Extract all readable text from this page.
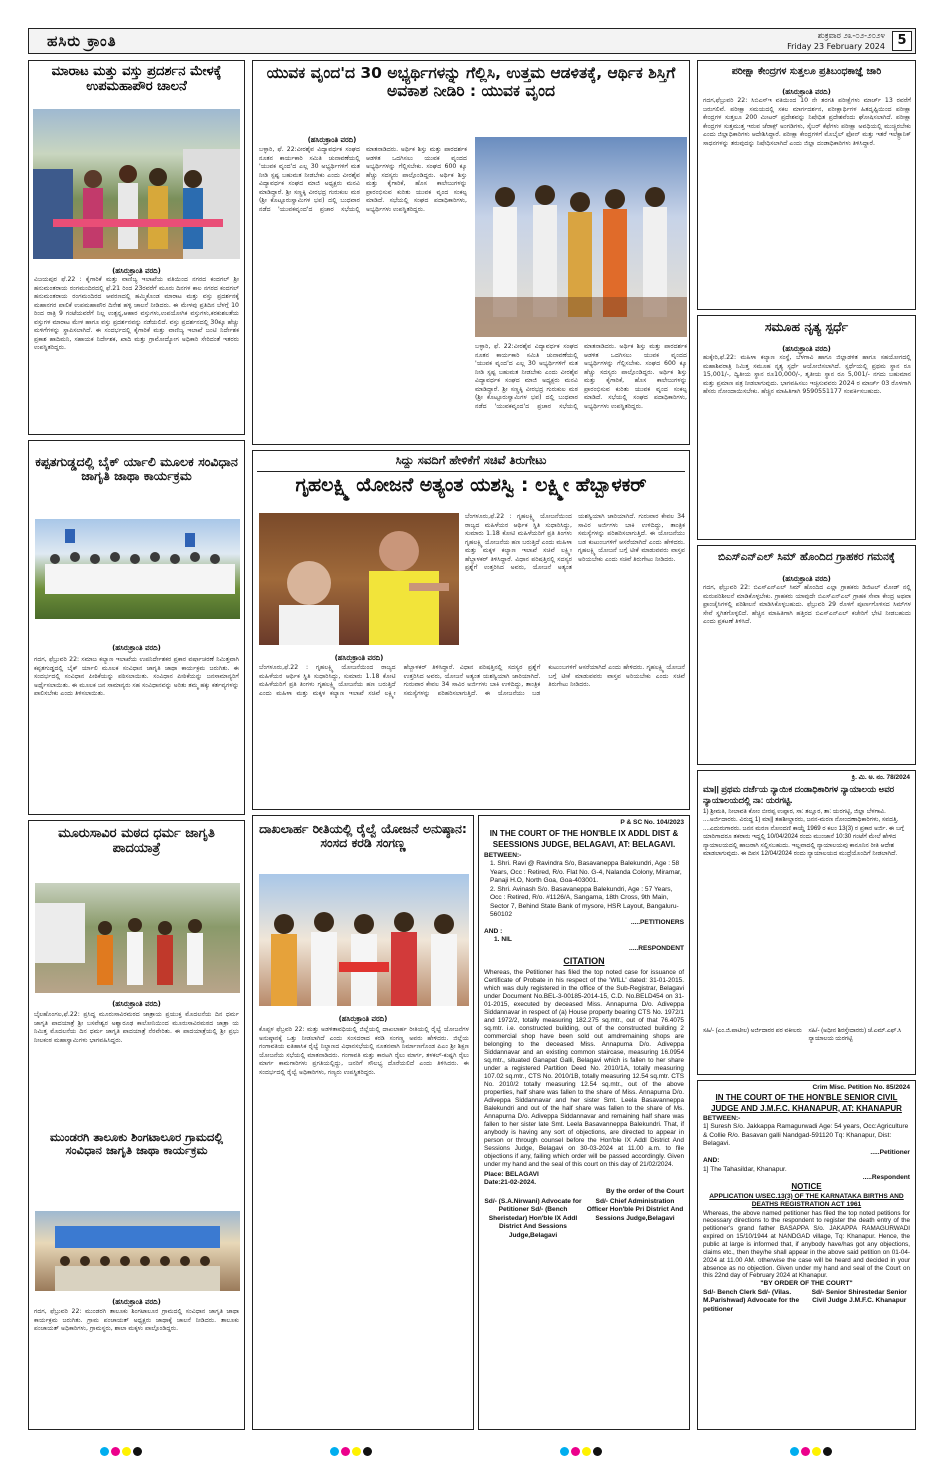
ಹಸಿರು ಕ್ರಾಂತಿ	ಶುಕ್ರವಾರ ೨೩-೦೨-೨೦೨೪
Friday 23 February 2024 5
ಮಾರಾಟ ಮತ್ತು ವಸ್ತು ಪ್ರದರ್ಶನ ಮೇಳಕ್ಕೆ ಉಪಮಹಾಪೌರ ಚಾಲನೆ
(ಹಸಿರುಕ್ರಾಂತಿ ವರದಿ)
ವಿಜಯಪುರ ಫೆ.22 : ಕೈಗಾರಿಕೆ ಮತ್ತು ವಾಣಿಜ್ಯ ಇಲಾಖೆಯ ವತಿಯಿಂದ ನಗರದ ಕಂದಗಲ್ ಶ್ರೀ ಹನುಮಂತರಾಯ ರಂಗಮಂದಿರದಲ್ಲಿ ಫೆ.21 ರಿಂದ 23ರವರೆಗೆ ಮೂರು ದಿನಗಳ ಕಾಲ ನಗರದ ಕಂದಗಲ್ ಹನುಮಂತರಾಯ ರಂಗಮಂದಿರದ ಆವರಣದಲ್ಲಿ ಹಮ್ಮಿಕೊಂಡ ಮಾರಾಟ ಮತ್ತು ವಸ್ತು ಪ್ರದರ್ಶನಕ್ಕೆ ಮಹಾನಗರ ಪಾಲಿಕೆ ಉಪಮಹಾಪೌರ ದಿನೇಶ ಹಳ್ಳಿ ಚಾಲನೆ ನೀಡಿದರು. ಈ ಮೇಳವು ಪ್ರತಿದಿನ ಬೆಳಗ್ಗೆ 10 ರಿಂದ ರಾತ್ರಿ 9 ಗಂಟೆಯವರೆಗೆ ನಿಲ್ಲ ಉತ್ಪನ್ನ,ಆಹಾರ ವಸ್ತುಗಳು,ಉಪಯೋಗಿಕ ವಸ್ತುಗಳು,ಕರಕುಶಲತೆಯ ವಸ್ತುಗಳ ಮಾರಾಟ ಮೇಳ ಹಾಗೂ ವಸ್ತು ಪ್ರದರ್ಶನವನ್ನು ನಡೆಯಲಿದೆ. ವಸ್ತು ಪ್ರದರ್ಶನದಲ್ಲಿ 30ಕ್ಕೂ ಹೆಚ್ಚು ಮಳಿಗೆಗಳನ್ನು ಸ್ಥಾಪಿಸಲಾಗಿದೆ. ಈ ಸಂದರ್ಭದಲ್ಲಿ ಕೈಗಾರಿಕೆ ಮತ್ತು ವಾಣಿಜ್ಯ ಇಲಾಖೆ ಜಂಟಿ ನಿರ್ದೇಶಕ ಪ್ರಕಾಶ ಹಾದಿಮನಿ, ಸಹಾಯಕ ನಿರ್ದೇಶಕ, ಖಾದಿ ಮತ್ತು ಗ್ರಾಮೋದ್ಯೋಗ ಅಧಿಕಾರಿ ಸೇರಿದಂತೆ ಇತರರು ಉಪಸ್ಥಿತರಿದ್ದರು.
ಕಪ್ಪತಗುಡ್ಡದಲ್ಲಿ ಬೈಕ್ ರ್ಯಾಲಿ ಮೂಲಕ ಸಂವಿಧಾನ ಜಾಗೃತಿ ಜಾಥಾ ಕಾರ್ಯಕ್ರಮ
(ಹಸಿರುಕ್ರಾಂತಿ ವರದಿ)
ಗದಗ, ಫೆಬ್ರುವರಿ 22: ಸಮಾಜ ಕಲ್ಯಾಣ ಇಲಾಖೆಯ ಉಪನಿರ್ದೇಶಕರ ಪ್ರಕಾರ ವರ್ಷಾಚರಣೆ ನಿಮಿತ್ತವಾಗಿ ಕಪ್ಪತಗುಡ್ಡದಲ್ಲಿ ಬೈಕ್ ರ್ಯಾಲಿ ಮೂಲಕ ಸಂವಿಧಾನ ಜಾಗೃತಿ ಜಾಥಾ ಕಾರ್ಯಕ್ರಮ ಜರುಗಿತು. ಈ ಸಂದರ್ಭದಲ್ಲಿ ಸಂವಿಧಾನ ಪೀಠಿಕೆಯನ್ನು ಪಠಿಸಲಾಯಿತು. ಸಂವಿಧಾನ ಪೀಠಿಕೆಯನ್ನು ಜನಸಾಮಾನ್ಯರಿಗೆ ಅರ್ಥೈಸಲಾಯಿತು. ಈ ಮೂಲಕ ಜನ ಸಾಮಾನ್ಯರು ಸಹ ಸಂವಿಧಾನವನ್ನು ಅರಿತು ತಮ್ಮ ಹಕ್ಕು ಕರ್ತವ್ಯಗಳನ್ನು ಪಾಲಿಸಬೇಕು ಎಂದು ತಿಳಿಸಲಾಯಿತು.
ಮೂರುಸಾವಿರ ಮಠದ ಧರ್ಮ ಜಾಗೃತಿ ಪಾದಯಾತ್ರೆ
(ಹಸಿರುಕ್ರಾಂತಿ ವರದಿ)
ಬೈಲಹೊಂಗಲ,ಫೆ.22: ಪ್ರಸಿದ್ಧ ಮೂರುಸಾವಿರಮಠದ ಜಾತ್ರಾಯ ಪ್ರಯುಕ್ತ ಮೊದಲನೆಯ ದಿನ ಧರ್ಮ ಜಾಗೃತಿ ಪಾದಯಾತ್ರೆ ಶ್ರೀ ಬಸವೇಶ್ವರ ಅಶ್ವಾರೂಢ ಕಾಲೋನಿಯಿಂದ ಮೂರುಸಾವಿರಮಠದ ಜಾತ್ರಾ ಯ ನಿಮಿತ್ತ ಮೊದಲನೆಯ ದಿನ ಧರ್ಮ ಜಾಗೃತಿ ಪಾದಯಾತ್ರೆ ನೆರವೇರಿತು. ಈ ಪಾದಯಾತ್ರೆಯಲ್ಲಿ ಶ್ರೀ ಪ್ರಭು ನೀಲಕಂಠ ಮಹಾಸ್ವಾಮಿಗಳು ಭಾಗವಹಿಸಿದ್ದರು.
ಮುಂಡರಗಿ ತಾಲೂಕು ಶಿಂಗಟಾಲೂರ ಗ್ರಾಮದಲ್ಲಿ ಸಂವಿಧಾನ ಜಾಗೃತಿ ಜಾಥಾ ಕಾರ್ಯಕ್ರಮ
(ಹಸಿರುಕ್ರಾಂತಿ ವರದಿ)
ಗದಗ, ಫೆಬ್ರುವರಿ 22: ಮುಂಡರಗಿ ತಾಲೂಕು ಶಿಂಗಟಾಲೂರ ಗ್ರಾಮದಲ್ಲಿ ಸಂವಿಧಾನ ಜಾಗೃತಿ ಜಾಥಾ ಕಾರ್ಯಕ್ರಮ ಜರುಗಿತು. ಗ್ರಾಮ ಪಂಚಾಯತ್ ಅಧ್ಯಕ್ಷರು ಜಾಥಾಕ್ಕೆ ಚಾಲನೆ ನೀಡಿದರು. ತಾಲೂಕು ಪಂಚಾಯತ್ ಅಧಿಕಾರಿಗಳು, ಗ್ರಾಮಸ್ಥರು, ಶಾಲಾ ಮಕ್ಕಳು ಪಾಲ್ಗೊಂಡಿದ್ದರು.
ಯುವಕ ವೃಂದ'ದ 30 ಅಭ್ಯರ್ಥಿಗಳನ್ನು ಗೆಲ್ಲಿಸಿ, ಉತ್ತಮ ಆಡಳಿತಕ್ಕೆ, ಆರ್ಥಿಕ ಶಿಸ್ತಿಗೆ ಅವಕಾಶ ನೀಡಿರಿ : ಯುವಕ ವೃಂದ
(ಹಸಿರುಕ್ರಾಂತಿ ವರದಿ)
ಬಳ್ಳಾರಿ, ಫೆ. 22:ವೀರಶೈವ ವಿದ್ಯಾವರ್ಧಕ ಸಂಘದ ನೂತನ ಕಾರ್ಯಕಾರಿ ಸಮಿತಿ ಚುನಾವಣೆಯಲ್ಲಿ 'ಯುವಕ ವೃಂದ'ದ ಎಲ್ಲ 30 ಅಭ್ಯರ್ಥಿಗಳಿಗೆ ಮತ ನೀಡಿ ಸ್ಪಷ್ಟ ಬಹುಮತ ನೀಡಬೇಕು ಎಂದು ವೀರಶೈವ ವಿದ್ಯಾವರ್ಧಕ ಸಂಘದ ಮಾಜಿ ಅಧ್ಯಕ್ಷರು ಮನವಿ ಮಾಡಿದ್ದಾರೆ. ಶ್ರೀ ಸಣ್ಣಕ್ಕಿ ವೀರಭದ್ರ ಗುರುಕುಲ ಮಠ (ಶ್ರೀ ಕೊಟ್ಟೂರುಸ್ವಾಮಿಗಳ ಭವ) ದಲ್ಲಿ ಬುಧವಾರ ನಡೆದ 'ಯುವಕವೃಂದ'ದ ಪ್ರಚಾರ ಸಭೆಯಲ್ಲಿ ಮಾತನಾಡಿದರು. ಅರ್ಥಿಕ ಶಿಸ್ತು ಮತ್ತು ಪಾರದರ್ಶಕ ಆಡಳಿತ ಒದಗಿಸಲು ಯುವಕ ವೃಂದದ ಅಭ್ಯರ್ಥಿಗಳನ್ನು ಗೆಲ್ಲಿಸಬೇಕು. ಸಂಘದ 600 ಕ್ಕೂ ಹೆಚ್ಚು ಸದಸ್ಯರು ಪಾಲ್ಗೊಂಡಿದ್ದರು. ಅರ್ಥಿಕ ಶಿಸ್ತು ಮತ್ತು ಕೈಗಾರಿಕೆ, ಹೊಸ ಕಾಲೇಜುಗಳನ್ನು ಪ್ರಾರಂಭಿಸುವ ಕುರಿತು ಯುವಕ ವೃಂದ ಸಂಕಲ್ಪ ಮಾಡಿದೆ. ಸಭೆಯಲ್ಲಿ ಸಂಘದ ಪದಾಧಿಕಾರಿಗಳು, ಅಭ್ಯರ್ಥಿಗಳು ಉಪಸ್ಥಿತರಿದ್ದರು.
ಬಳ್ಳಾರಿ, ಫೆ. 22:ವೀರಶೈವ ವಿದ್ಯಾವರ್ಧಕ ಸಂಘದ ನೂತನ ಕಾರ್ಯಕಾರಿ ಸಮಿತಿ ಚುನಾವಣೆಯಲ್ಲಿ 'ಯುವಕ ವೃಂದ'ದ ಎಲ್ಲ 30 ಅಭ್ಯರ್ಥಿಗಳಿಗೆ ಮತ ನೀಡಿ ಸ್ಪಷ್ಟ ಬಹುಮತ ನೀಡಬೇಕು ಎಂದು ವೀರಶೈವ ವಿದ್ಯಾವರ್ಧಕ ಸಂಘದ ಮಾಜಿ ಅಧ್ಯಕ್ಷರು ಮನವಿ ಮಾಡಿದ್ದಾರೆ. ಶ್ರೀ ಸಣ್ಣಕ್ಕಿ ವೀರಭದ್ರ ಗುರುಕುಲ ಮಠ (ಶ್ರೀ ಕೊಟ್ಟೂರುಸ್ವಾಮಿಗಳ ಭವ) ದಲ್ಲಿ ಬುಧವಾರ ನಡೆದ 'ಯುವಕವೃಂದ'ದ ಪ್ರಚಾರ ಸಭೆಯಲ್ಲಿ ಮಾತನಾಡಿದರು. ಅರ್ಥಿಕ ಶಿಸ್ತು ಮತ್ತು ಪಾರದರ್ಶಕ ಆಡಳಿತ ಒದಗಿಸಲು ಯುವಕ ವೃಂದದ ಅಭ್ಯರ್ಥಿಗಳನ್ನು ಗೆಲ್ಲಿಸಬೇಕು. ಸಂಘದ 600 ಕ್ಕೂ ಹೆಚ್ಚು ಸದಸ್ಯರು ಪಾಲ್ಗೊಂಡಿದ್ದರು. ಅರ್ಥಿಕ ಶಿಸ್ತು ಮತ್ತು ಕೈಗಾರಿಕೆ, ಹೊಸ ಕಾಲೇಜುಗಳನ್ನು ಪ್ರಾರಂಭಿಸುವ ಕುರಿತು ಯುವಕ ವೃಂದ ಸಂಕಲ್ಪ ಮಾಡಿದೆ. ಸಭೆಯಲ್ಲಿ ಸಂಘದ ಪದಾಧಿಕಾರಿಗಳು, ಅಭ್ಯರ್ಥಿಗಳು ಉಪಸ್ಥಿತರಿದ್ದರು.
ಸಿದ್ದು ಸವದಿಗೆ ಹೇಳಿಕೆಗೆ ಸಚಿವೆ ತಿರುಗೇಟು
ಗೃಹಲಕ್ಷ್ಮಿ ಯೋಜನೆ ಅತ್ಯಂತ ಯಶಸ್ವಿ : ಲಕ್ಷ್ಮೀ ಹೆಬ್ಬಾಳಕರ್
(ಹಸಿರುಕ್ರಾಂತಿ ವರದಿ)
ಬೆಂಗಳೂರು,ಫೆ.22 : ಗೃಹಲಕ್ಷ್ಮಿ ಯೋಜನೆಯಿಂದ ರಾಜ್ಯದ ಮಹಿಳೆಯರ ಆರ್ಥಿಕ ಸ್ಥಿತಿ ಸುಧಾರಿಸಿದ್ದು, ಸುಮಾರು 1.18 ಕೋಟಿ ಮಹಿಳೆಯರಿಗೆ ಪ್ರತಿ ತಿಂಗಳು ಗೃಹಲಕ್ಷ್ಮಿ ಯೋಜನೆಯ ಹಣ ಬರುತ್ತಿದೆ ಎಂದು ಮಹಿಳಾ ಮತ್ತು ಮಕ್ಕಳ ಕಲ್ಯಾಣ ಇಲಾಖೆ ಸಚಿವೆ ಲಕ್ಷ್ಮೀ ಹೆಬ್ಬಾಳಕರ್ ತಿಳಿಸಿದ್ದಾರೆ. ವಿಧಾನ ಪರಿಷತ್ತಿನಲ್ಲಿ ಸದಸ್ಯರ ಪ್ರಶ್ನೆಗೆ ಉತ್ತರಿಸಿದ ಅವರು, ಯೋಜನೆ ಅತ್ಯಂತ ಯಶಸ್ವಿಯಾಗಿ ಜಾರಿಯಾಗಿದೆ. ಗುರುವಾರ ಕೇವಲ 34 ಸಾವಿರ ಅರ್ಜಿಗಳು ಬಾಕಿ ಉಳಿದಿದ್ದು, ತಾಂತ್ರಿಕ ಸಮಸ್ಯೆಗಳನ್ನು ಪರಿಹರಿಸಲಾಗುತ್ತಿದೆ. ಈ ಯೋಜನೆಯು ಬಡ ಕುಟುಂಬಗಳಿಗೆ ಆಸರೆಯಾಗಿದೆ ಎಂದು ಹೇಳಿದರು. ಗೃಹಲಕ್ಷ್ಮಿ ಯೋಜನೆ ಬಗ್ಗೆ ಟೀಕೆ ಮಾಡುವವರು ವಾಸ್ತವ ಅರಿಯಬೇಕು ಎಂದು ಸಚಿವೆ ತಿರುಗೇಟು ನೀಡಿದರು.
ಬೆಂಗಳೂರು,ಫೆ.22 : ಗೃಹಲಕ್ಷ್ಮಿ ಯೋಜನೆಯಿಂದ ರಾಜ್ಯದ ಮಹಿಳೆಯರ ಆರ್ಥಿಕ ಸ್ಥಿತಿ ಸುಧಾರಿಸಿದ್ದು, ಸುಮಾರು 1.18 ಕೋಟಿ ಮಹಿಳೆಯರಿಗೆ ಪ್ರತಿ ತಿಂಗಳು ಗೃಹಲಕ್ಷ್ಮಿ ಯೋಜನೆಯ ಹಣ ಬರುತ್ತಿದೆ ಎಂದು ಮಹಿಳಾ ಮತ್ತು ಮಕ್ಕಳ ಕಲ್ಯಾಣ ಇಲಾಖೆ ಸಚಿವೆ ಲಕ್ಷ್ಮೀ ಹೆಬ್ಬಾಳಕರ್ ತಿಳಿಸಿದ್ದಾರೆ. ವಿಧಾನ ಪರಿಷತ್ತಿನಲ್ಲಿ ಸದಸ್ಯರ ಪ್ರಶ್ನೆಗೆ ಉತ್ತರಿಸಿದ ಅವರು, ಯೋಜನೆ ಅತ್ಯಂತ ಯಶಸ್ವಿಯಾಗಿ ಜಾರಿಯಾಗಿದೆ. ಗುರುವಾರ ಕೇವಲ 34 ಸಾವಿರ ಅರ್ಜಿಗಳು ಬಾಕಿ ಉಳಿದಿದ್ದು, ತಾಂತ್ರಿಕ ಸಮಸ್ಯೆಗಳನ್ನು ಪರಿಹರಿಸಲಾಗುತ್ತಿದೆ. ಈ ಯೋಜನೆಯು ಬಡ ಕುಟುಂಬಗಳಿಗೆ ಆಸರೆಯಾಗಿದೆ ಎಂದು ಹೇಳಿದರು. ಗೃಹಲಕ್ಷ್ಮಿ ಯೋಜನೆ ಬಗ್ಗೆ ಟೀಕೆ ಮಾಡುವವರು ವಾಸ್ತವ ಅರಿಯಬೇಕು ಎಂದು ಸಚಿವೆ ತಿರುಗೇಟು ನೀಡಿದರು.
ದಾಖಲಾರ್ಹ ರೀತಿಯಲ್ಲಿ ರೈಲ್ವೆ ಯೋಜನೆ ಅನುಷ್ಠಾನ: ಸಂಸದ ಕರಡಿ ಸಂಗಣ್ಣ
(ಹಸಿರುಕ್ರಾಂತಿ ವರದಿ)
ಕೊಪ್ಪಳ ಫೆಬ್ರವರಿ 22: ಮತ್ತು ಅಡಳಿತಾವಧಿಯಲ್ಲಿ ಜಿಲ್ಲೆಯಲ್ಲಿ ದಾಖಲಾರ್ಹ ರೀತಿಯಲ್ಲಿ ರೈಲ್ವೆ ಯೋಜನೆಗಳ ಅನುಷ್ಠಾನಕ್ಕೆ ಒತ್ತು ನೀಡಲಾಗಿದೆ ಎಂದು ಸಂಸದರಾದ ಕರಡಿ ಸಂಗಣ್ಣ ಅವರು ಹೇಳಿದರು. ಜಿಲ್ಲೆಯ ಗಂಗಾವತಿಯ ಐತಿಹಾಸಿಕ ರೈಲ್ವೆ ನಿಲ್ದಾಣದ ವಿಧಾನಸಭೆಯಲ್ಲಿ ನೂತನವಾಗಿ ನಿರ್ಮಾಣಗೊಂಡ ಪಿಎಂ ಶ್ರೀ ಶಿಕ್ಷಣ ಯೋಜನೆಯ ಸಭೆಯಲ್ಲಿ ಮಾತನಾಡಿದರು. ಗಂಗಾವತಿ ಮತ್ತು ಕಾರಟಗಿ ರೈಲು ಮಾರ್ಗ, ತಳಕಲ್-ಕುಷ್ಟಗಿ ರೈಲು ಮಾರ್ಗ ಕಾಮಗಾರಿಗಳು ಪ್ರಗತಿಯಲ್ಲಿದ್ದು, ಜನರಿಗೆ ಸೌಲಭ್ಯ ದೊರೆಯಲಿದೆ ಎಂದು ತಿಳಿಸಿದರು. ಈ ಸಂದರ್ಭದಲ್ಲಿ ರೈಲ್ವೆ ಅಧಿಕಾರಿಗಳು, ಗಣ್ಯರು ಉಪಸ್ಥಿತರಿದ್ದರು.
P & SC No. 104/2023
IN THE COURT OF THE HON'BLE IX ADDL DIST & SEESSIONS JUDGE, BELAGAVI, AT: BELAGAVI.
BETWEEN:-
1. Shri. Ravi @ Ravindra S/o, Basavaneppa Balekundri, Age : 58 Years, Occ : Retired, R/o. Flat No. G-4, Nalanda Colony, Miramar, Panaji H.O, North Goa, Goa-403001.
2. Shri. Avinash S/o. Basavaneppa Balekundri, Age : 57 Years, Occ : Retired, R/o. #1126/A, Sangama, 18th Cross, 9th Main, Sector 7, Behind State Bank of mysore, HSR Layout, Bangaluru-560102
.....PETITIONERS
AND :
1. NIL
.....RESPONDENT
CITATION
Whereas, the Petitioner has filed the top noted case for issuance of Certificate of Probate in his respect of the 'WILL' dated: 31-01-2015. which was duly registered in the office of the Sub-Registrar, Belagavi under Document No.BEL-3-00185-2014-15, C.D. No.BELD454 on 31-01-2015, executed by deceased Miss. Annapurna D/o. Adiveppa Siddannavar in respect of (a) House property bearing CTS No. 1972/1 and 1972/2, totally measuring 182.275 sq.mtr., out of that 76.4075 sq.mtr. i.e. constructed building, out of the constructed building 2 commercial shop have been sold out amdremaining shops are belonging to the deceased Miss. Annapuma D/o. Adiveppa Siddannavar and an existing common staircase, measuring 16.0954 sq.mtr., situated Ganapat Galli, Belagavi which is fallen to her share under a registered Partition Deed No. 2010/1A, totally measuring 107.02 sq.mtr., CTS No. 2010/1B, totally measuring 12.54 sq.mtr. CTS No. 2010/2 totally measuring 12.54 sq.mtr., out of the above properties, half share was fallen to the share of Miss. Annapurna D/o. Adiveppa Siddannavar and her sister Smt. Leela Basavanneppa Balekundri and out of the half share was fallen to the share of Ms. Annapurna D/o. Adiveppa Siddannavar and remaining half share was fallen to her sister late Smt. Leela Basavanneppa Balekundri. That, if anybody is having any sort of objections, are directed to appear in person or through counsel before the Hon'ble IX Addl District And Sessions Judge, Belagavi on 30-03-2024 at 11.00 a.m. to file objections if any, failing which order will be passed accordingly. Given under my hand and the seal of this court on this day of 21/02/2024.
Place: BELAGAVI
Date:21-02-2024.
By the order of the Court
Sd/- (S.A.Nirwani) Advocate for Petitioner Sd/- (Bench Sheristedar) Hon'ble IX Addl District And Sessions Judge,Belagavi
Sd/- Chief Administration Officer Hon'ble Pri District And Sessions Judge,Belagavi
ಪರೀಕ್ಷಾ ಕೇಂದ್ರಗಳ ಸುತ್ತಲೂ ಪ್ರತಿಬಂಧಕಾಜ್ಞೆ ಜಾರಿ
(ಹಸಿರುಕ್ರಾಂತಿ ವರದಿ)
ಗದಗ,ಫೆಬ್ರುವರಿ 22: ಸಿಬಿಎಸ್‌ಇ ವತಿಯಿಂದ 10 ನೇ ತರಗತಿ ಪರೀಕ್ಷೆಗಳು ಮಾರ್ಚ್ 13 ರವರೆಗೆ ಜರುಗಲಿವೆ. ಪರೀಕ್ಷಾ ಸಮಯದಲ್ಲಿ ಸಕಲ ಮಾರ್ಗದರ್ಶನ, ಪರೀಕ್ಷಾರ್ಥಿಗಳ ಹಿತದೃಷ್ಟಿಯಿಂದ ಪರೀಕ್ಷಾ ಕೇಂದ್ರಗಳ ಸುತ್ತಲೂ 200 ಮೀಟರ್ ಪ್ರದೇಶವನ್ನು ನಿಷೇಧಿತ ಪ್ರದೇಶವೆಂದು ಘೋಷಿಸಲಾಗಿದೆ. ಪರೀಕ್ಷಾ ಕೇಂದ್ರಗಳ ಸುತ್ತಮುತ್ತ ಇರುವ ಜೆರಾಕ್ಸ್ ಅಂಗಡಿಗಳು, ಸೈಬರ್ ಕೆಫೆಗಳು ಪರೀಕ್ಷಾ ಅವಧಿಯಲ್ಲಿ ಮುಚ್ಚಿರಬೇಕು ಎಂದು ಜಿಲ್ಲಾಧಿಕಾರಿಗಳು ಆದೇಶಿಸಿದ್ದಾರೆ. ಪರೀಕ್ಷಾ ಕೇಂದ್ರಗಳಿಗೆ ಮೊಬೈಲ್ ಫೋನ್ ಮತ್ತು ಇತರೆ ಇಲೆಕ್ಟ್ರಾನಿಕ್ ಸಾಧನಗಳನ್ನು ತರುವುದನ್ನು ನಿಷೇಧಿಸಲಾಗಿದೆ ಎಂದು ಜಿಲ್ಲಾ ದಂಡಾಧಿಕಾರಿಗಳು ತಿಳಿಸಿದ್ದಾರೆ.
ಸಮೂಹ ನೃತ್ಯ ಸ್ಪರ್ಧೆ
(ಹಸಿರುಕ್ರಾಂತಿ ವರದಿ)
ಹುಕ್ಕೇರಿ,ಫೆ.22: ಮಹಿಳಾ ಕಲ್ಯಾಣ ಸಂಸ್ಥೆ, ಬೆಳಗಾವಿ ಹಾಗೂ ಜಿಲ್ಲಾಡಳಿತ ಹಾಗೂ ಸಹಯೋಗದಲ್ಲಿ ಮಹಾಶಿವರಾತ್ರಿ ನಿಮಿತ್ತ ಸಮೂಹ ನೃತ್ಯ ಸ್ಪರ್ಧೆ ಆಯೋಜಿಸಲಾಗಿದೆ. ಸ್ಪರ್ಧೆಯಲ್ಲಿ ಪ್ರಥಮ ಸ್ಥಾನ ರೂ 15,001/-, ದ್ವಿತೀಯ ಸ್ಥಾನ ರೂ10,000/-, ತೃತೀಯ ಸ್ಥಾನ ರೂ 5,001/- ನಗದು ಬಹುಮಾನ ಮತ್ತು ಪ್ರಮಾಣ ಪತ್ರ ನೀಡಲಾಗುವುದು. ಭಾಗವಹಿಸಲು ಇಚ್ಛಿಸುವವರು 2024 ರ ಮಾರ್ಚ್ 03 ರೊಳಗಾಗಿ ಹೆಸರು ನೋಂದಾಯಿಸಬೇಕು. ಹೆಚ್ಚಿನ ಮಾಹಿತಿಗಾಗಿ 9590551177 ಸಂಪರ್ಕಿಸಬಹುದು.
ಬಿಎಸ್‍ಎನ್‍ಎಲ್ ಸಿಮ್ ಹೊಂದಿದ ಗ್ರಾಹಕರ ಗಮನಕ್ಕೆ
(ಹಸಿರುಕ್ರಾಂತಿ ವರದಿ)
ಗದಗ, ಫೆಬ್ರುವರಿ 22: ಬಿಎಸ್‌ಎನ್‌ಎಲ್ ಸಿಮ್ ಹೊಂದಿದ ಎಲ್ಲಾ ಗ್ರಾಹಕರು ಡಿಜಿಟಲ್ ಮೋಡ್ ನಲ್ಲಿ ಮರುಪರಿಶೀಲನೆ ಮಾಡಿಕೊಳ್ಳಬೇಕು. ಗ್ರಾಹಕರು ಯಾವುದೇ ಬಿಎಸ್‌ಎನ್‌ಎಲ್ ಗ್ರಾಹಕ ಸೇವಾ ಕೇಂದ್ರ ಅಥವಾ ಫ್ರಾಂಚೈಸಿಗಳಲ್ಲಿ ಪರಿಶೀಲನೆ ಮಾಡಿಸಿಕೊಳ್ಳಬಹುದು. ಫೆಬ್ರುವರಿ 29 ರೊಳಗೆ ಪೂರ್ಣಗೊಳಿಸದ ಸಿಮ್‌ಗಳ ಸೇವೆ ಸ್ಥಗಿತಗೊಳ್ಳಲಿದೆ. ಹೆಚ್ಚಿನ ಮಾಹಿತಿಗಾಗಿ ಹತ್ತಿರದ ಬಿಎಸ್‌ಎನ್‌ಎಲ್ ಕಚೇರಿಗೆ ಭೇಟಿ ನೀಡಬಹುದು ಎಂದು ಪ್ರಕಟಣೆ ತಿಳಿಸಿದೆ.
ಕ್ರಿ. ಮಿ. ಅ. ನಂ. 78/2024
ಮಾ|| ಪ್ರಥಮ ದರ್ಜೆಯ ನ್ಯಾಯಿಕ ದಂಡಾಧಿಕಾರಿಗಳ ನ್ಯಾಯಾಲಯ ಅವರ ನ್ಯಾಯಾಲಯದಲ್ಲಿ ನಾ: ಯರಗಟ್ಟಿ.
1) ಶ್ರೀಮತಿ, ನೀಲಾವತಿ ಕೋಂ ಬೀರಪ್ಪ ಉಪ್ಪಾರ, ಸಾ: ತಲ್ಲೂರ, ತಾ: ಯರಗಟ್ಟಿ, ಜಿಲ್ಲಾ ಬೆಳಗಾವಿ. ....ಅರ್ಜಿದಾರರು. ವಿರುದ್ಧ 1) ಮಾ|| ತಹಶೀಲ್ದಾರರು, ಜನನ-ಮರಣ ನೋಂದಣಾಧಿಕಾರಿಗಳು, ಸವದತ್ತಿ. ....ಎದುರುಗಾರರು. ಜನನ ಮರಣ ನೋಂದಣಿ ಕಾಯ್ದೆ 1969 ರ ಕಲಂ 13(3) ರ ಪ್ರಕಾರ ಅರ್ಜಿ. ಈ ಬಗ್ಗೆ ಯಾರಿಗಾದರೂ ತಕರಾರು ಇದ್ದಲ್ಲಿ 10/04/2024 ರಂದು ಮುಂಜಾನೆ 10:30 ಗಂಟೆಗೆ ಮೇಲೆ ಹೇಳಿದ ನ್ಯಾಯಾಲಯದಲ್ಲಿ ಹಾಜರಾಗಿ ಸಲ್ಲಿಸಬಹುದು. ಇಲ್ಲವಾದಲ್ಲಿ ನ್ಯಾಯಾಲಯವು ಕಾನೂನಿನ ರೀತಿ ಆದೇಶ ಮಾಡಲಾಗುವುದು. ಈ ದಿವಸ 12/04/2024 ರಂದು ನ್ಯಾಯಾಲಯದ ಮುದ್ರೆಯೊಂದಿಗೆ ನೀಡಲಾಗಿದೆ.
ಸಹಿ/- (ಎಂ.ಜಿ.ಪಾಟೀಲ) ಅರ್ಜಿದಾರರ ಪರ ವಕೀಲರು	ಸಹಿ/- (ಅಧೀನ ಶಿರಸ್ತೇದಾರರು) ಜೆ.ಎಮ್.ಎಫ್.ಸಿ ನ್ಯಾಯಾಲಯ ಯರಗಟ್ಟಿ
Crim Misc. Petition No. 85/2024
IN THE COURT OF THE HON'BLE SENIOR CIVIL JUDGE AND J.M.F.C. KHANAPUR, AT: KHANAPUR
BETWEEN:-
1] Suresh S/o. Jakkappa Ramagurwadi Age: 54 years, Occ:Agriculture & Collie R/o. Basavan galli Nandgad-591120 Tq: Khanapur, Dist: Belagavi.
.....Petitioner
AND:
1] The Tahasildar, Khanapur.
.....Respondent
NOTICE
APPLICATION U/SEC.13(3) OF THE KARNATAKA BIRTHS AND DEATHS REGISTRATION ACT 1961
Whereas, the above named petitioner has filed the top noted petitions for necessary directions to the respondent to register the death entry of the petitioner's grand father BASAPPA S/o. JAKAPPA RAMAGURWADI expired on 15/10/1944 at NANDGAD village, Tq: Khanapur. Hence, the public at large is informed that, if anybody have/has got any objections, claims etc., then they/he shall appear in the above said petition on 01-04-2024 at 11.00 AM. otherwise the case will be heard and decided in your absence as no objection. Given under my hand and seal of the Court on this 22nd day of February 2024 at Khanapur.
"BY ORDER OF THE COURT"
Sd/- Bench Clerk Sd/- (Vilas. M.Parishwad) Advocate for the petitioner
Sd/- Senior Shirestedar Senior Civil Judge J.M.F.C. Khanapur
